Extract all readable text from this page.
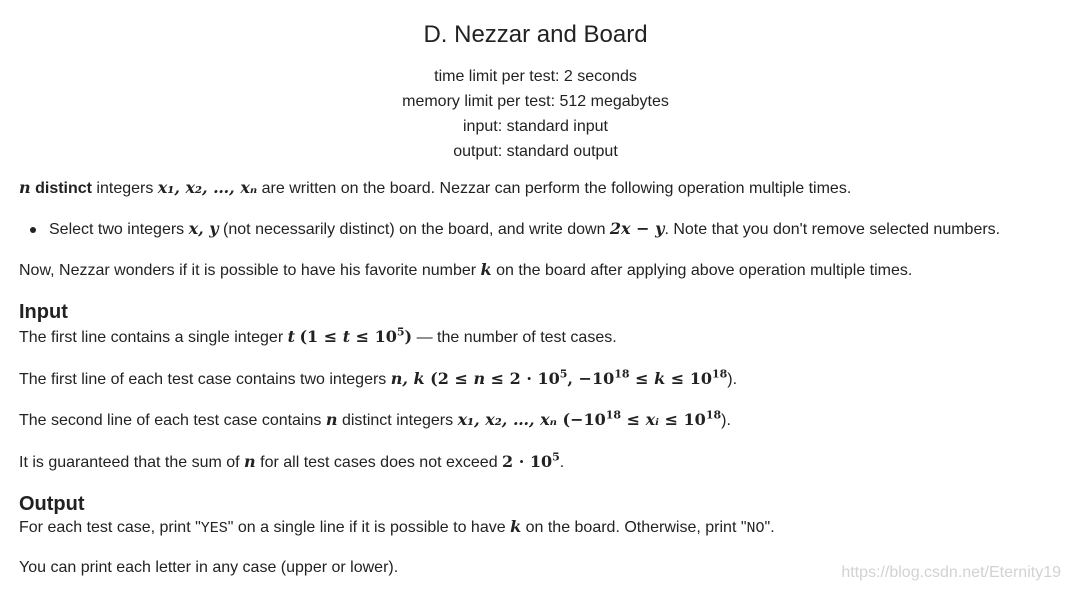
D. Nezzar and Board
time limit per test: 2 seconds
memory limit per test: 512 megabytes
input: standard input
output: standard output

n distinct integers x₁, x₂, …, xₙ are written on the board. Nezzar can perform the following operation multiple times.

Select two integers x, y (not necessarily distinct) on the board, and write down 2x − y. Note that you don't remove selected numbers.

Now, Nezzar wonders if it is possible to have his favorite number k on the board after applying above operation multiple times.

Input

The first line contains a single integer t $(1 \le t \le 10^5)$ — the number of test cases.

The first line of each test case contains two integers n, k ($2 \le n \le 2 \cdot 10^5$, $-10^{18} \le k \le 10^{18}$).

The second line of each test case contains n distinct integers x₁, x₂, …, xₙ ($-10^{18}$ ≤ xᵢ ≤ $10^{18}$).

It is guaranteed that the sum of n for all test cases does not exceed $2 \cdot 10^5$.

Output

For each test case, print "YES" on a single line if it is possible to have k on the board. Otherwise, print "NO".

You can print each letter in any case (upper or lower).	https://blog.csdn.net/Eternity19
